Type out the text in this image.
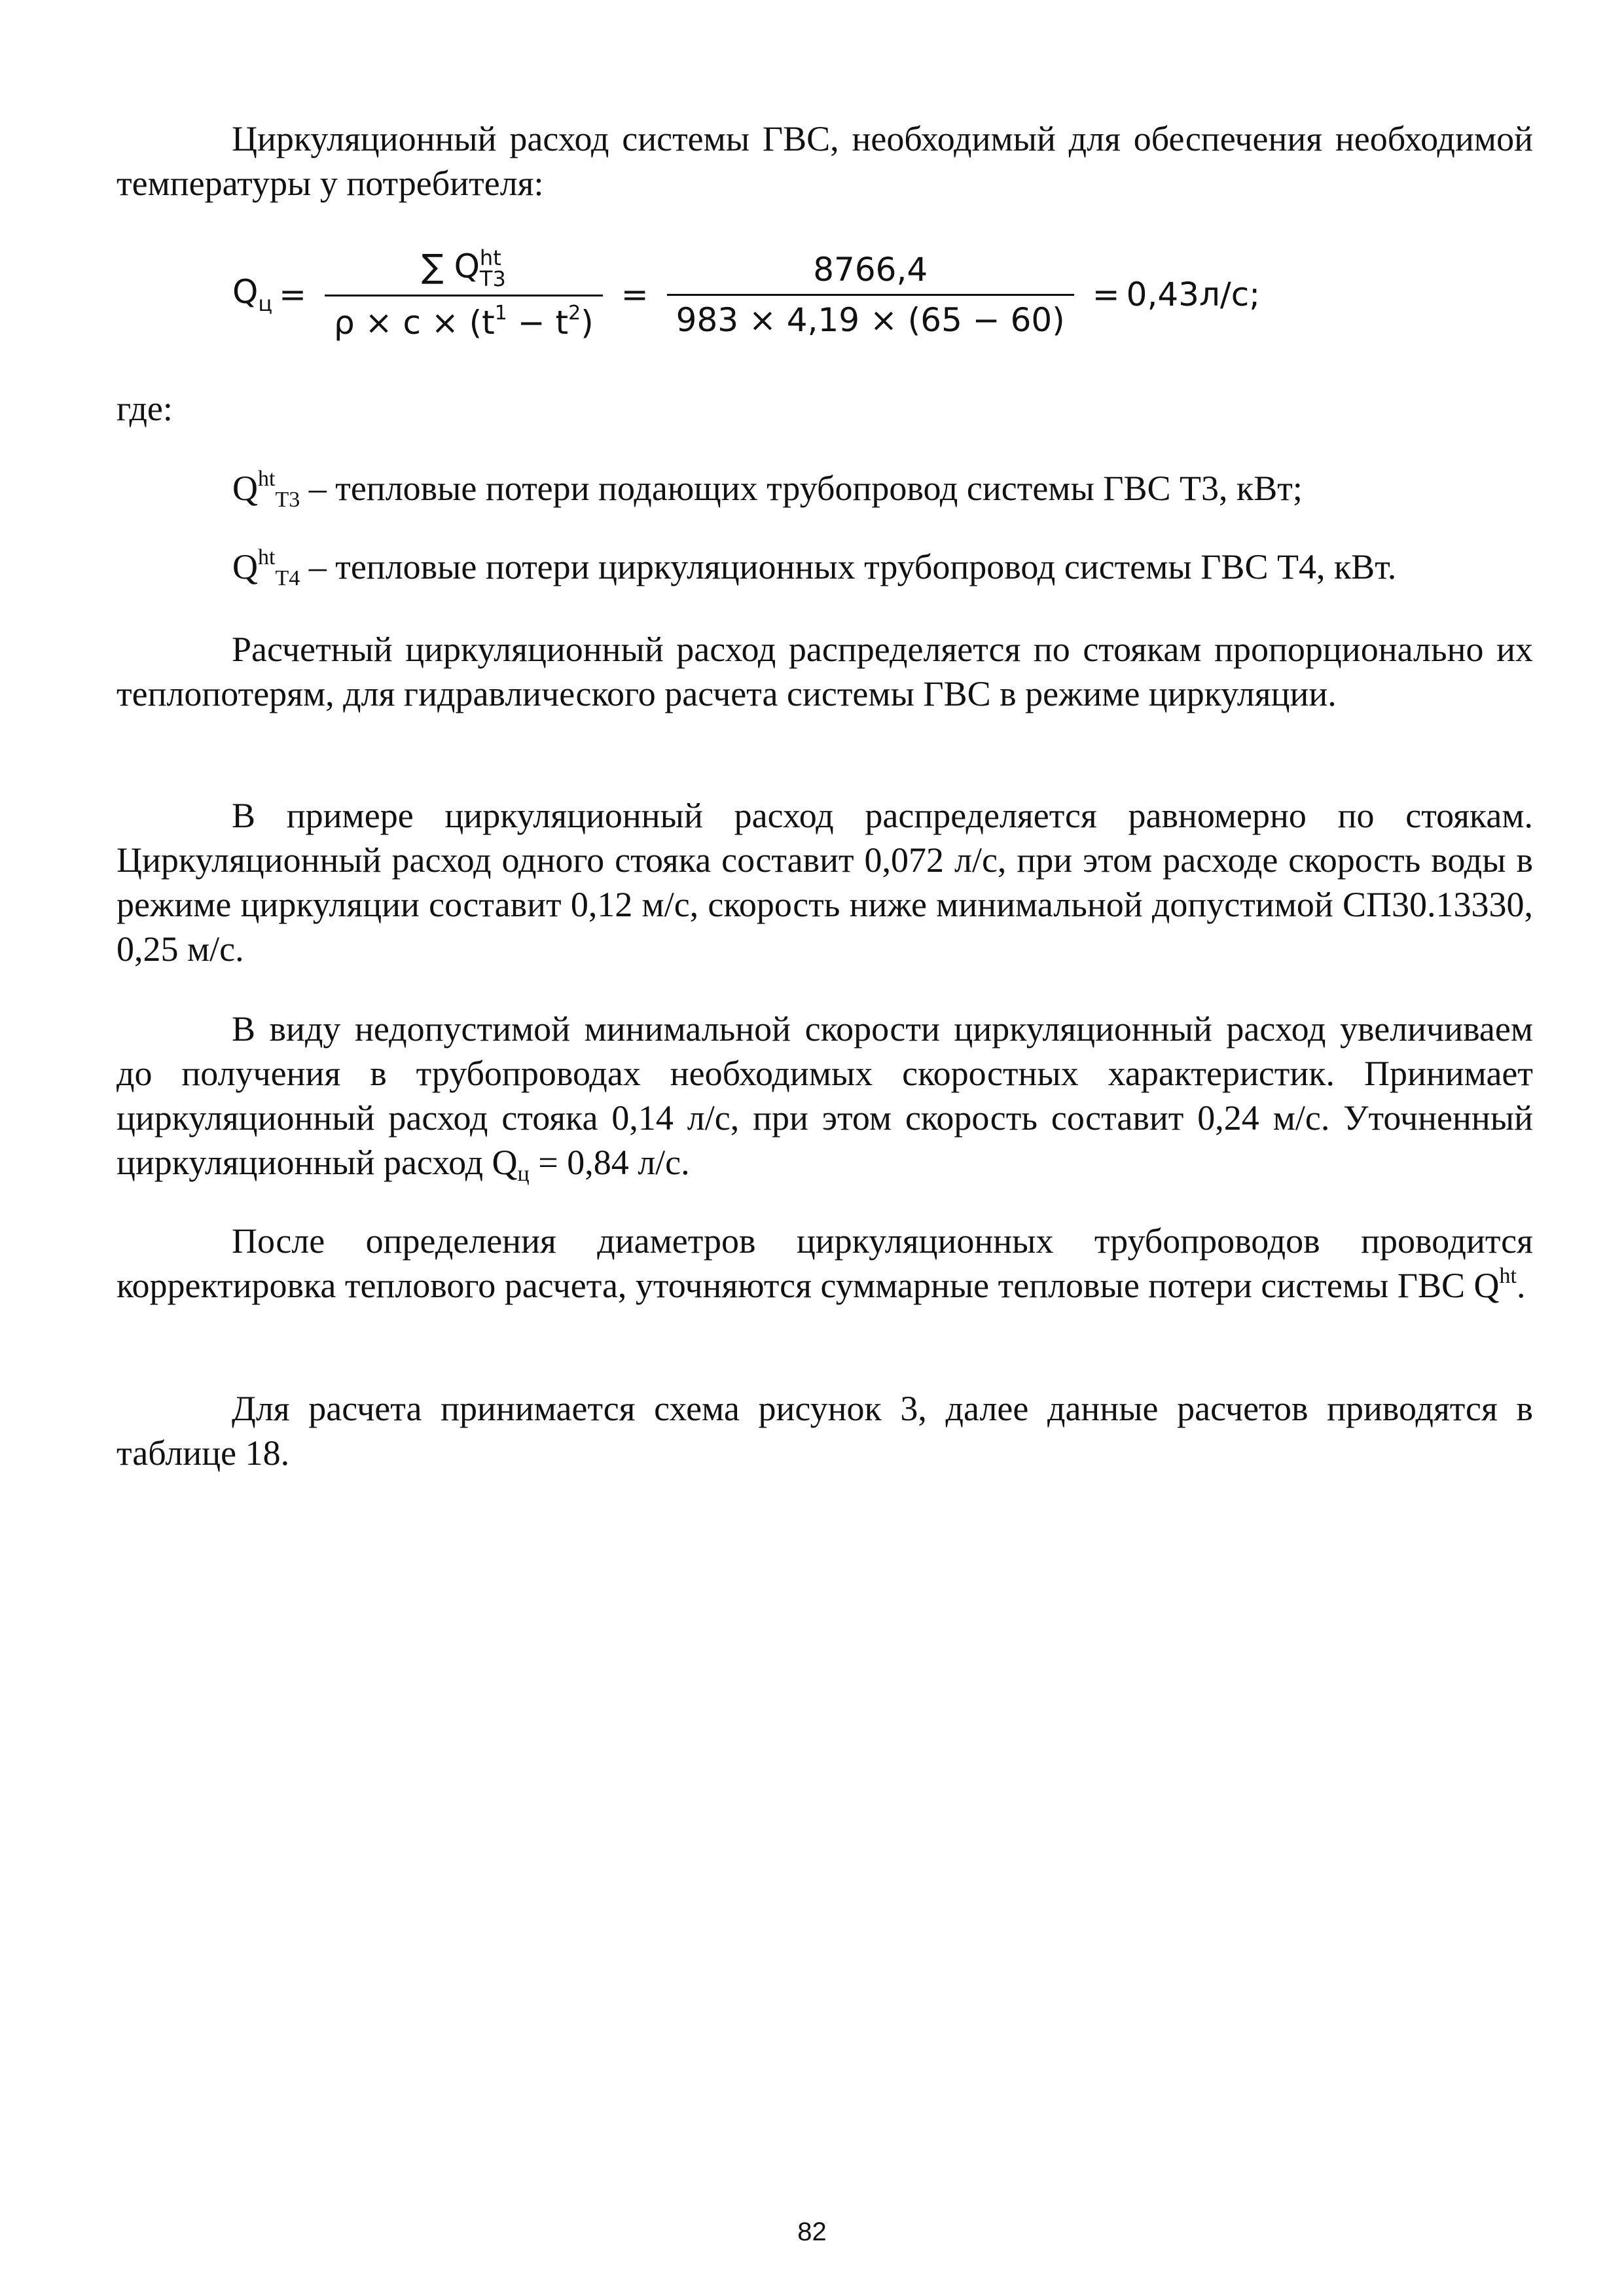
Циркуляционный расход системы ГВС, необходимый для обеспечения необходимой температуры у потребителя:

$Q_ц$ = ∑ Q ht
Т3
$\rho \times c \times (t^1 - t^2) = \frac{8766,4}{983 \times 4,19 \times (65 - 60)} = 0,43л/с$;

где:

$Q^{ht}_{Т3}$ – тепловые потери подающих трубопровод системы ГВС Т3, кВт;

$Q^{ht}_{Т4}$ – тепловые потери циркуляционных трубопровод системы ГВС Т4, кВт.

Расчетный циркуляционный расход распределяется по стоякам пропорционально их теплопотерям, для гидравлического расчета системы ГВС в режиме циркуляции.

В примере циркуляционный расход распределяется равномерно по стоякам. Циркуляционный расход одного стояка составит 0,072 л/с, при этом расходе скорость воды в режиме циркуляции составит 0,12 м/с, скорость ниже минимальной допустимой СП30.13330, 0,25 м/с.

В виду недопустимой минимальной скорости циркуляционный расход увеличиваем до получения в трубопроводах необходимых скоростных характеристик. Принимает циркуляционный расход стояка 0,14 л/с, при этом скорость составит 0,24 м/с. Уточненный циркуляционный расход $Q_ц = 0,84$ л/с.

После определения диаметров циркуляционных трубопроводов проводится корректировка теплового расчета, уточняются суммарные тепловые потери системы ГВС $Q^{ht}$.

Для расчета принимается схема рисунок 3, далее данные расчетов приводятся в таблице 18.

82
